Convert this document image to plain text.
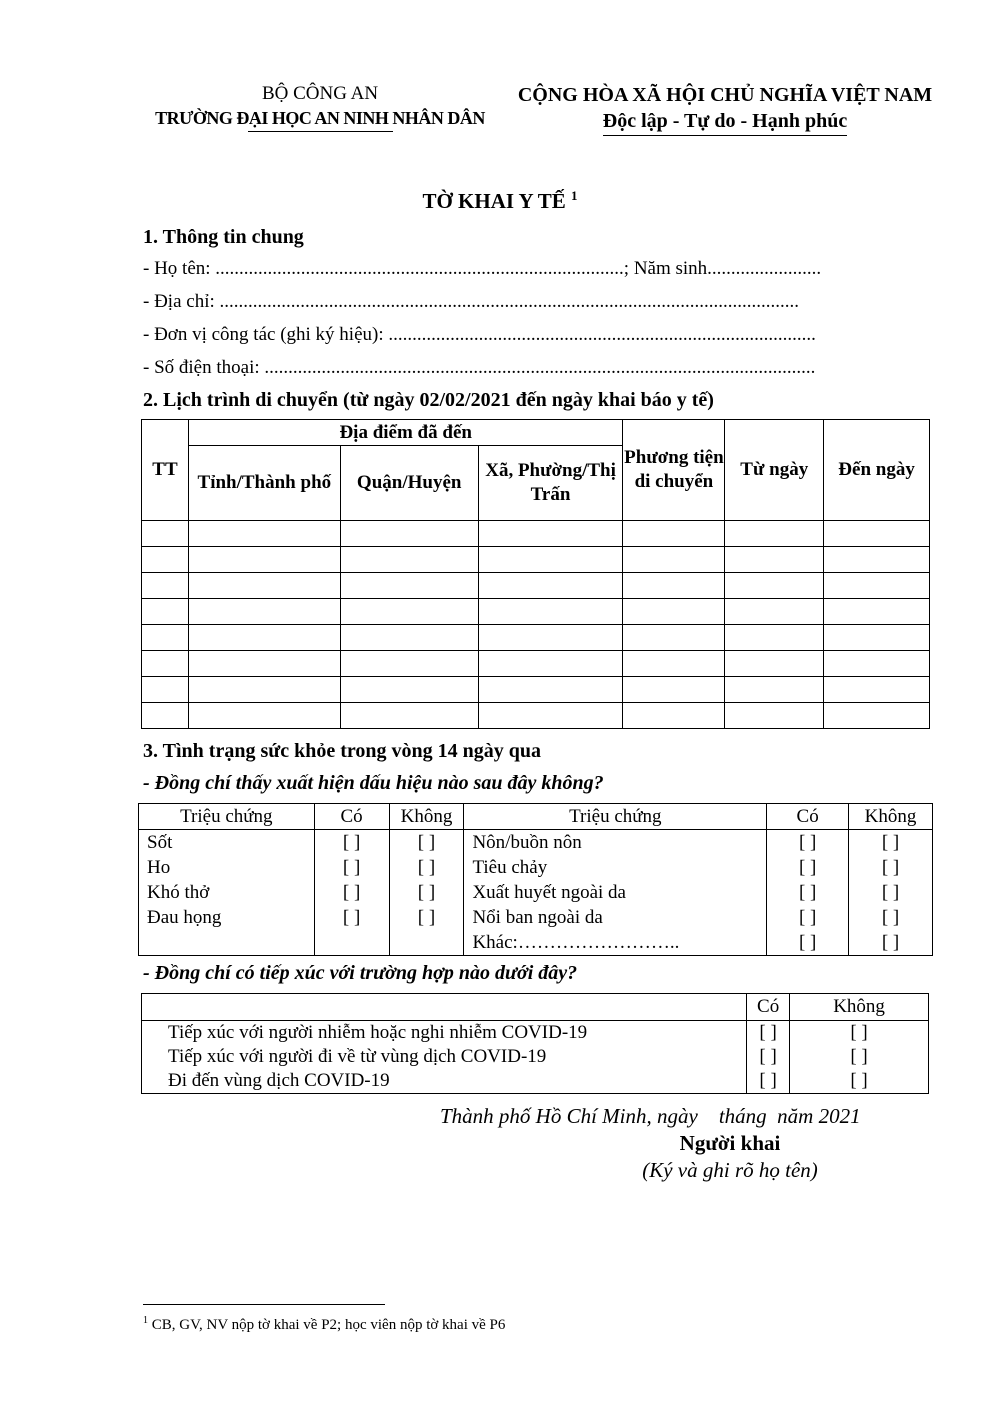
BỘ CÔNG AN
TRƯỜNG ĐẠI HỌC AN NINH NHÂN DÂN
CỘNG HÒA XÃ HỘI CHỦ NGHĨA VIỆT NAM
Độc lập - Tự do - Hạnh phúc
TỜ KHAI Y TẾ $^1$
1. Thông tin chung
- Họ tên: ......................................................................................; Năm sinh........................
- Địa chỉ: ..........................................................................................................................
- Đơn vị công tác (ghi ký hiệu): ..........................................................................................
- Số điện thoại: ....................................................................................................................
2. Lịch trình di chuyển (từ ngày 02/02/2021 đến ngày khai báo y tế)
TT	Địa điểm đã đến			Phương tiện di chuyển	Từ ngày	Đến ngày
	Tỉnh/Thành phố	Quận/Huyện	Xã, Phường/Thị Trấn			

3. Tình trạng sức khỏe trong vòng 14 ngày qua
- Đồng chí thấy xuất hiện dấu hiệu nào sau đây không?
Triệu chứng	Có	Không	Triệu chứng	Có	Không
Sốt	[ ]	[ ]	Nôn/buồn nôn	[ ]	[ ]
Ho	[ ]	[ ]	Tiêu chảy	[ ]	[ ]
Khó thở	[ ]	[ ]	Xuất huyết ngoài da	[ ]	[ ]
Đau họng	[ ]	[ ]	Nổi ban ngoài da	[ ]	[ ]
			Khác:……………………..	[ ]	[ ]
- Đồng chí có tiếp xúc với trường hợp nào dưới đây?
	Có	Không
Tiếp xúc với người nhiễm hoặc nghi nhiễm COVID-19	[ ]	[ ]
Tiếp xúc với người đi về từ vùng dịch COVID-19	[ ]	[ ]
Đi đến vùng dịch COVID-19	[ ]	[ ]
Thành phố Hồ Chí Minh, ngày    tháng  năm 2021
Người khai
(Ký và ghi rõ họ tên)
$^1$ CB, GV, NV nộp tờ khai về P2; học viên nộp tờ khai về P6
